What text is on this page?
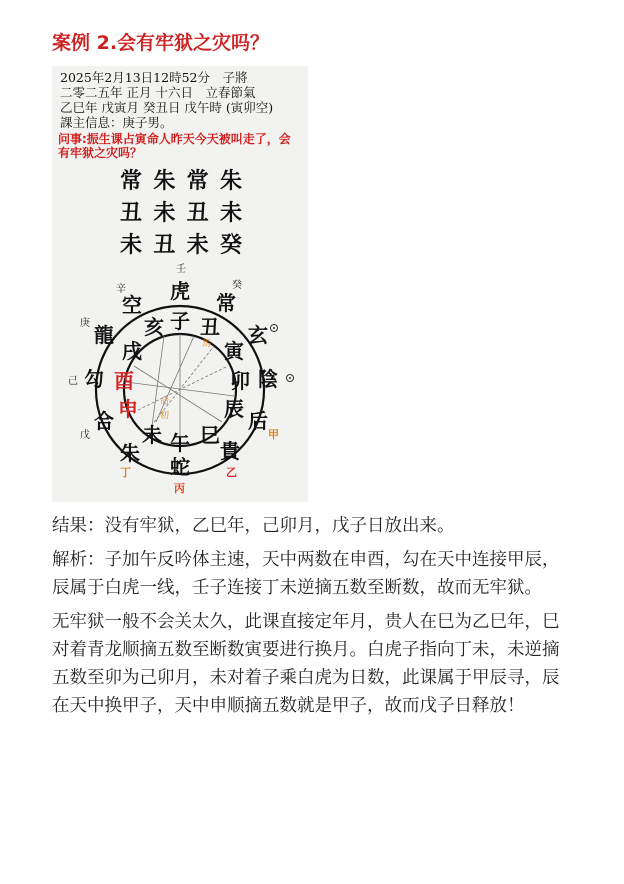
案例 2.会有牢狱之灾吗？
2025年2月13日12時52分　子將
二零二五年 正月 十六日　立春節氣
乙巳年 戊寅月 癸丑日 戊午時 (寅卯空)
課主信息：庚子男。
问事:振生课占寅命人昨天今天被叫走了，会有牢狱之灾吗？
常 朱 常 朱
丑 未 丑 未
未 丑 未 癸
壬
辛	癸
庚
己
戊
虎
空	常
龍
勾
合
朱
蛇
貴
后
陰
玄
子
亥 丑
戌
酉
申
未 午 巳
辰
卯
寅
馬
命
初
甲
丁
丙
乙

结果：没有牢狱，乙巳年，己卯月，戊子日放出来。

解析：子加午反吟体主速，天中两数在申酉，勾在天中连接甲辰，辰属于白虎一线，壬子连接丁未逆摘五数至断数，故而无牢狱。

无牢狱一般不会关太久，此课直接定年月，贵人在巳为乙巳年，巳对着青龙顺摘五数至断数寅要进行换月。白虎子指向丁未，未逆摘五数至卯为己卯月，未对着子乘白虎为日数，此课属于甲辰寻，辰在天中换甲子，天中申顺摘五数就是甲子，故而戊子日释放！
